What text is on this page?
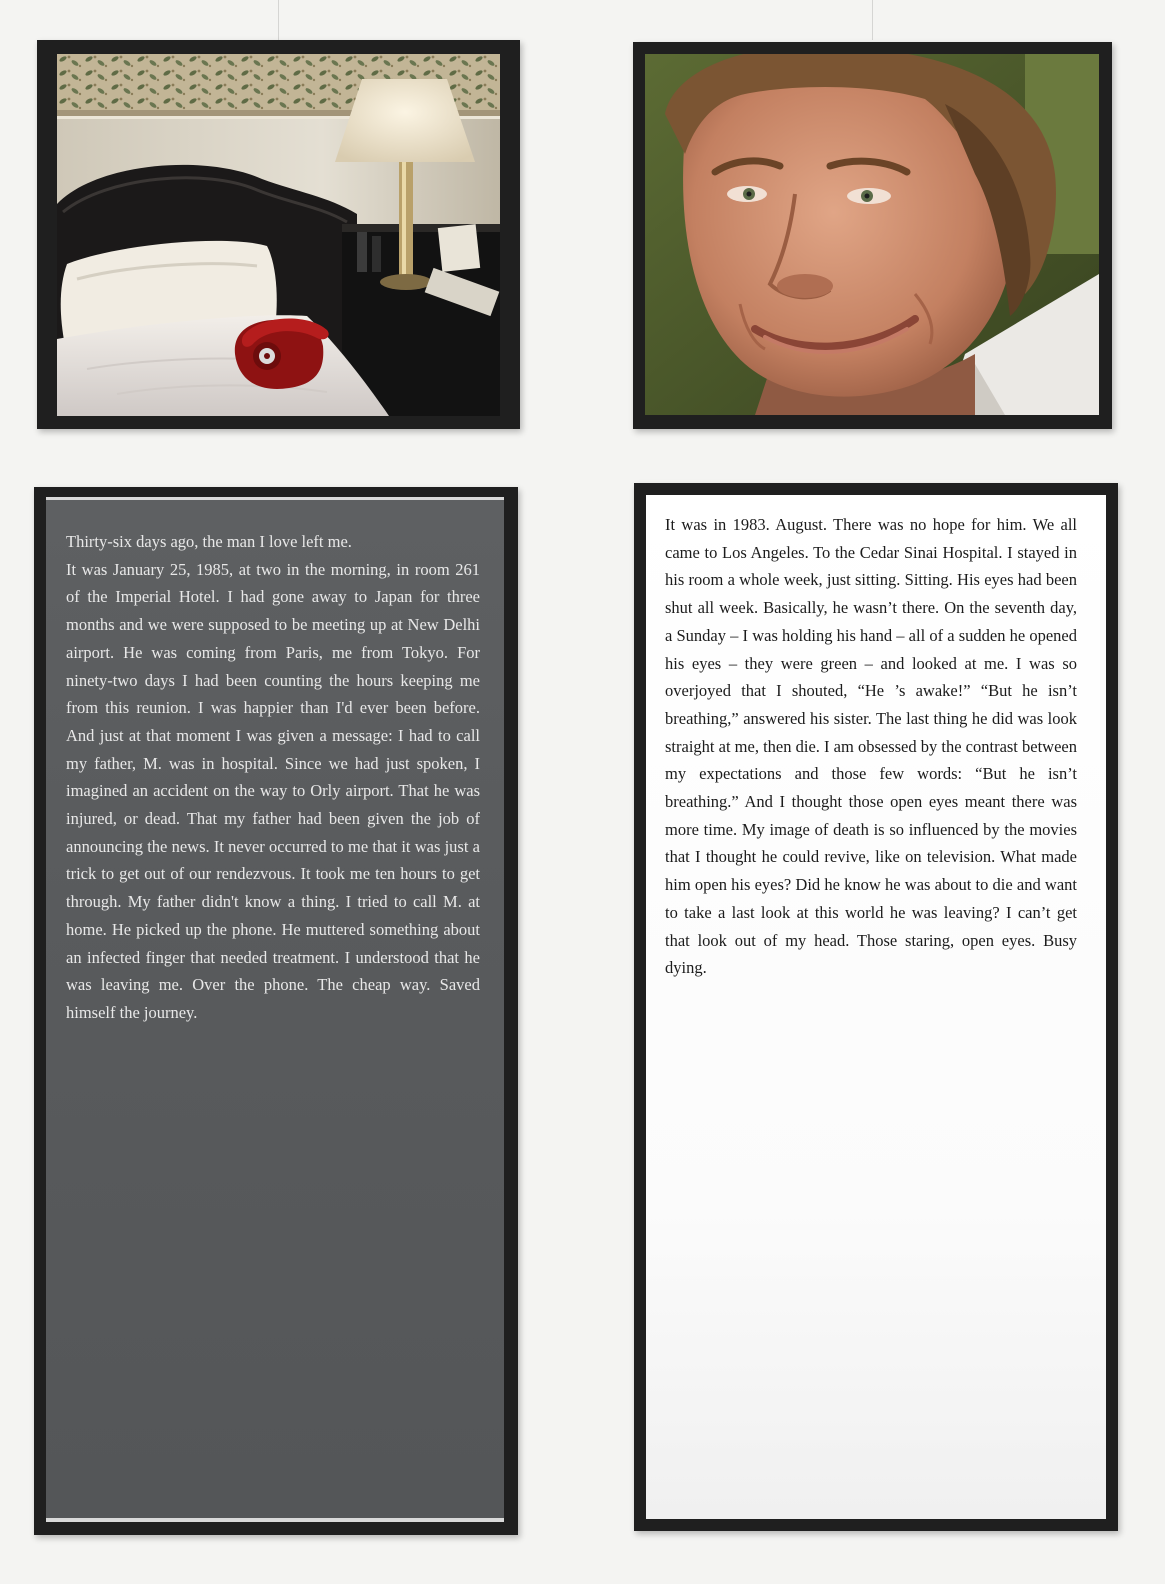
Thirty-six days ago, the man I love left me.

It was January 25, 1985, at two in the morning, in room 261 of the Imperial Hotel. I had gone away to Japan for three months and we were supposed to be meeting up at New Delhi airport. He was coming from Paris, me from Tokyo. For ninety-two days I had been counting the hours keeping me from this reunion. I was happier than I'd ever been before. And just at that moment I was given a message: I had to call my father, M. was in hospital. Since we had just spoken, I imagined an accident on the way to Orly airport. That he was injured, or dead. That my father had been given the job of announcing the news. It never occurred to me that it was just a trick to get out of our rendezvous. It took me ten hours to get through. My father didn't know a thing. I tried to call M. at home. He picked up the phone. He muttered something about an infected finger that needed treatment. I understood that he was leaving me. Over the phone. The cheap way. Saved himself the journey.

It was in 1983. August. There was no hope for him. We all came to Los Angeles. To the Cedar Sinai Hospital. I stayed in his room a whole week, just sitting. Sitting. His eyes had been shut all week. Basically, he wasn’t there. On the seventh day, a Sunday – I was holding his hand – all of a sudden he opened his eyes – they were green – and looked at me. I was so overjoyed that I shouted, “He ’s awake!” “But he isn’t breathing,” answered his sister. The last thing he did was look straight at me, then die. I am obsessed by the contrast between my expectations and those few words: “But he isn’t breathing.” And I thought those open eyes meant there was more time. My image of death is so influenced by the movies that I thought he could revive, like on television. What made him open his eyes? Did he know he was about to die and want to take a last look at this world he was leaving? I can’t get that look out of my head. Those staring, open eyes. Busy dying.
